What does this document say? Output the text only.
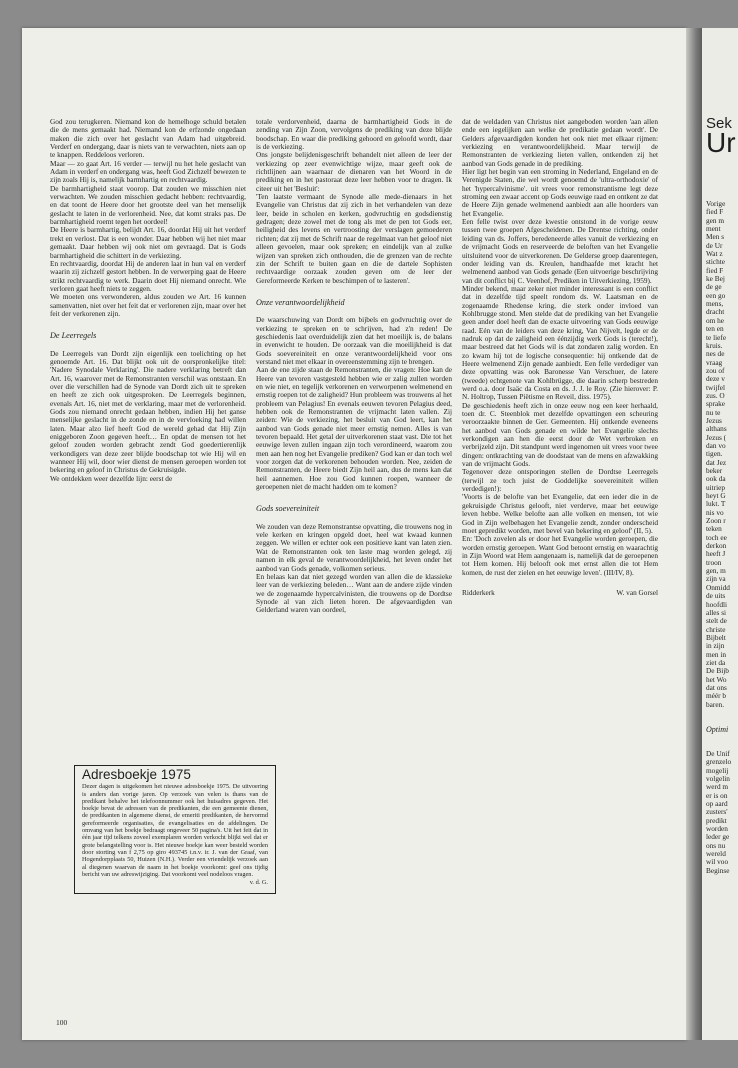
God zou terugkeren. Niemand kon de hemelhoge schuld betalen die de mens gemaakt had. Niemand kon de erfzonde ongedaan maken die zich over het geslacht van Adam had uitgebreid. Verderf en ondergang, daar is niets van te verwachten, niets aan op te knappen. Reddeloos verloren.

Maar — zo gaat Art. 16 verder — terwijl nu het hele geslacht van Adam in verderf en ondergang was, heeft God Zichzelf bewezen te zijn zoals Hij is, namelijk barmhartig en rechtvaardig.

De barmhartigheid staat voorop. Dat zouden we misschien niet verwachten. We zouden misschien gedacht hebben: rechtvaardig, en dat toont de Heere door het grootste deel van het menselijk geslacht te laten in de verlorenheid. Nee, dat komt straks pas. De barmhartigheid roemt tegen het oordeel!

De Heere is barmhartig, belijdt Art. 16, doordat Hij uit het verderf trekt en verlost. Dat is een wonder. Daar hebben wij het niet maar gemaakt. Daar hebben wij ook niet om gevraagd. Dat is Gods barmhartigheid die schittert in de verkiezing.

En rechtvaardig, doordat Hij de anderen laat in hun val en verderf waarin zij zichzelf gestort hebben. In de verwerping gaat de Heere strikt rechtvaardig te werk. Daarin doet Hij niemand onrecht. Wie verloren gaat heeft niets te zeggen.

We moeten ons verwonderen, aldus zouden we Art. 16 kunnen samenvatten, niet over het feit dat er verlorenen zijn, maar over het feit der verkorenen zijn.

De Leerregels

De Leerregels van Dordt zijn eigenlijk een toelichting op het genoemde Art. 16. Dat blijkt ook uit de oorspronkelijke titel: 'Nadere Synodale Verklaring'. Die nadere verklaring betreft dan Art. 16, waarover met de Remonstranten verschil was ontstaan. En over die verschillen had de Synode van Dordt zich uit te spreken en heeft ze zich ook uitgesproken. De Leerregels beginnen, evenals Art. 16, niet met de verklaring, maar met de verlorenheid. Gods zou niemand onrecht gedaan hebben, indien Hij het ganse menselijke geslacht in de zonde en in de vervloeking had willen laten. Maar alzo lief heeft God de wereld gehad dat Hij Zijn eniggeboren Zoon gegeven heeft… En opdat de mensen tot het geloof zouden worden gebracht zendt God goedertierenlijk verkondigers van deze zeer blijde boodschap tot wie Hij wil en wanneer Hij wil, door wier dienst de mensen geroepen worden tot bekering en geloof in Christus de Gekruisigde.

We ontdekken weer dezelfde lijn: eerst de

totale verdorvenheid, daarna de barmhartigheid Gods in de zending van Zijn Zoon, vervolgens de prediking van deze blijde boodschap. En waar die prediking gehoord en geloofd wordt, daar is de verkiezing.

Ons jongste belijdenisgeschrift behandelt niet alleen de leer der verkiezing op zeer evenwichtige wijze, maar geeft ook de richtlijnen aan waarnaar de dienaren van het Woord in de prediking en in het pastoraat deze leer hebben voor te dragen. Ik citeer uit het 'Besluit':

'Ten laatste vermaant de Synode alle mede-dienaars in het Evangelie van Christus dat zij zich in het verhandelen van deze leer, beide in scholen en kerken, godvruchtig en godsdienstig gedragen; deze zowel met de tong als met de pen tot Gods eer, heiligheid des levens en vertroosting der verslagen gemoederen richten; dat zij met de Schrift naar de regelmaat van het geloof niet alleen gevoelen, maar ook spreken; en eindelijk van al zulke wijzen van spreken zich onthouden, die de grenzen van de rechte zin der Schrift te buiten gaan en die de dartele Sophisten rechtvaardige oorzaak zouden geven om de leer der Gereformeerde Kerken te beschimpen of te lasteren'.

Onze verantwoordelijkheid

De waarschuwing van Dordt om bijbels en godvruchtig over de verkiezing te spreken en te schrijven, had z'n reden! De geschiedenis laat overduidelijk zien dat het moeilijk is, de balans in evenwicht te houden. De oorzaak van die moeilijkheid is dat Gods soevereiniteit en onze verantwoordelijkheid voor ons verstand niet met elkaar in overeenstemming zijn te brengen.

Aan de ene zijde staan de Remonstranten, die vragen: Hoe kan de Heere van tevoren vastgesteld hebben wie er zalig zullen worden en wie niet, en tegelijk verkorenen en verworpenen welmenend en ernstig roepen tot de zaligheid? Hun probleem was trouwens al het probleem van Pelagius! En evenals eeuwen tevoren Pelagius deed, hebben ook de Remonstranten de vrijmacht laten vallen. Zij zeiden: Wie de verkiezing, het besluit van God leert, kan het aanbod van Gods genade niet meer ernstig nemen. Alles is van tevoren bepaald. Het getal der uitverkorenen staat vast. Die tot het eeuwige leven zullen ingaan zijn toch verordineerd, waarom zou men aan hen nog het Evangelie prediken? God kan er dan toch wel voor zorgen dat de verkorenen behouden worden. Nee, zeiden de Remonstranten, de Heere biedt Zijn heil aan, dus de mens kan dat heil aannemen. Hoe zou God kunnen roepen, wanneer de geroepenen niet de macht hadden om te komen?

Gods soevereiniteit

We zouden van deze Remonstrantse opvatting, die trouwens nog in vele kerken en kringen opgeld doet, heel wat kwaad kunnen zeggen. We willen er echter ook een positieve kant van laten zien. Wat de Remonstranten ook ten laste mag worden gelegd, zij namen in elk geval de verantwoordelijkheid, het leven onder het aanbod van Gods genade, volkomen serieus.

En helaas kan dat niet gezegd worden van allen die de klassieke leer van de verkiezing beleden… Want aan de andere zijde vinden we de zogenaamde hypercalvinisten, die trouwens op de Dordtse Synode al van zich lieten horen. De afgevaardigden van Gelderland waren van oordeel,

dat de weldaden van Christus niet aangeboden worden 'aan allen ende een iegelijken aan welke de predikatie gedaan wordt'. De Gelders afgevaardigden konden het ook niet met elkaar rijmen: verkiezing en verantwoordelijkheid. Maar terwijl de Remonstranten de verkiezing lieten vallen, ontkenden zij het aanbod van Gods genade in de prediking.

Hier ligt het begin van een stroming in Nederland, Engeland en de Verenigde Staten, die wel wordt genoemd de 'ultra-orthodoxie' of het 'hypercalvinisme'. uit vrees voor remonstrantisme legt deze stroming een zwaar accent op Gods eeuwige raad en ontkent ze dat de Heere Zijn genade welmenend aanbiedt aan alle hoorders van het Evangelie.

Een felle twist over deze kwestie ontstond in de vorige eeuw tussen twee groepen Afgescheidenen. De Drentse richting, onder leiding van ds. Joffers, beredeneerde alles vanuit de verkiezing en de vrijmacht Gods en reserveerde de beloften van het Evangelie uitsluitend voor de uitverkorenen. De Gelderse groep daarentegen, onder leiding van ds. Kreulen, handhaafde met kracht het welmenend aanbod van Gods genade (Een uitvoerige beschrijving van dit conflict bij C. Veenhof, Prediken in Uitverkiezing, 1959).

Minder bekend, maar zeker niet minder interessant is een conflict dat in dezelfde tijd speelt rondom ds. W. Laatsman en de zogenaamde Rhedense kring, die sterk onder invloed van Kohlbrugge stond. Men stelde dat de prediking van het Evangelie geen ander doel heeft dan de exacte uitvoering van Gods eeuwige raad. Eén van de leiders van deze kring, Van Nijvelt, legde er de nadruk op dat de zaligheid een éénzijdig werk Gods is (terecht!), maar bestreed dat het Gods wil is dat zondaren zalig worden. En zo kwam hij tot de logische consequentie: hij ontkende dat de Heere welmenend Zijn genade aanbiedt. Een felle verdediger van deze opvatting was ook Baronesse Van Verschuer, de latere (tweede) echtgenote van Kohlbrügge, die daarin scherp bestreden werd o.a. door Isaäc da Costa en ds. J. J. le Roy. (Zie hierover: P. N. Holtrop, Tussen Piëtisme en Reveil, diss. 1975).

De geschiedenis heeft zich in onze eeuw nog een keer herhaald, toen dr. C. Steenblok met dezelfde opvattingen een scheuring veroorzaakte binnen de Ger. Gemeenten. Hij ontkende eveneens het aanbod van Gods genade en wilde het Evangelie slechts verkondigen aan hen die eerst door de Wet verbroken en verbrijzeld zijn. Dit standpunt werd ingenomen uit vrees voor twee dingen: ontkrachting van de doodstaat van de mens en afzwakking van de vrijmacht Gods.

Tegenover deze ontsporingen stellen de Dordtse Leerregels (terwijl ze toch juist de Goddelijke soevereiniteit willen verdedigen!):

'Voorts is de belofte van het Evangelie, dat een ieder die in de gekruisigde Christus gelooft, niet verderve, maar het eeuwige leven hebbe. Welke belofte aan alle volken en mensen, tot wie God in Zijn welbehagen het Evangelie zendt, zonder onderscheid moet gepredikt worden, met bevel van bekering en geloof' (II, 5).

En: 'Doch zovelen als er door het Evangelie worden geroepen, die worden ernstig geroepen. Want God betoont ernstig en waarachtig in Zijn Woord wat Hem aangenaam is, namelijk dat de geroepenen tot Hem komen. Hij belooft ook met ernst allen die tot Hem komen, de rust der zielen en het eeuwige leven'. (III/IV, 8).

Ridderkerk	W. van Gorsel
Adresboekje 1975

Dezer dagen is uitgekomen het nieuwe adresboekje 1975. De uitvoering is anders dan vorige jaren. Op verzoek van velen is thans van de predikant behalve het telefoonnummer ook het huisadres gegeven. Het boekje bevat de adressen van de predikanten, die een gemeente dienen, de predikanten in algemene dienst, de emeriti predikanten, de hervormd gereformeerde organisaties, de evangelisaties en de afdelingen. De omvang van het boekje bedraagt ongeveer 50 pagina's. Uit het feit dat in één jaar tijd telkens zoveel exemplaren worden verkocht blijkt wel dat er grote belangstelling voor is. Het nieuwe boekje kan weer besteld worden door storting van f 2,75 op giro 493745 t.n.v. ir. J. van der Graaf, van Hogendorpplaats 50, Huizen (N.H.). Verder een vriendelijk verzoek aan al diegenen waarvan de naam in het boekje voorkomt: geef ons tijdig bericht van uw adreswijziging. Dat voorkomt veel nodeloos vragen.

v. d. G.

100

Sek

Ur

Vorige

fied F

gen m

ment

Men s

de Ur

Wat z

stichte

fied F

ke Bej

de ge

een go

mens,

dracht

om he

ten en

te liefe

kruis.

nes de

vraag

zou of

deze v

twijfel

zus. O

sprake

nu te

Jezus

althans

Jezus (

dan vo

tigen.

dat Jez

beker

ook da

uitriep

heyt G

lukt. T

nis vo

Zoon r

teken

toch ee

derkon

heeft J

troon

gen, m

zijn va

Onmidd

de uits

hoofdli

alles si

stelt de

christe

Bijbelt

in zijn

men in

ziet da

De Bijb

het Wo

dat ons

méér b

baren.

Optimi

De Unif

grenzelo

mogelij

volgelin

werd m

er is on

op aard

zusters'

predikt

worden

leder ge

ons nu

wereld

wil voo

Beginse
